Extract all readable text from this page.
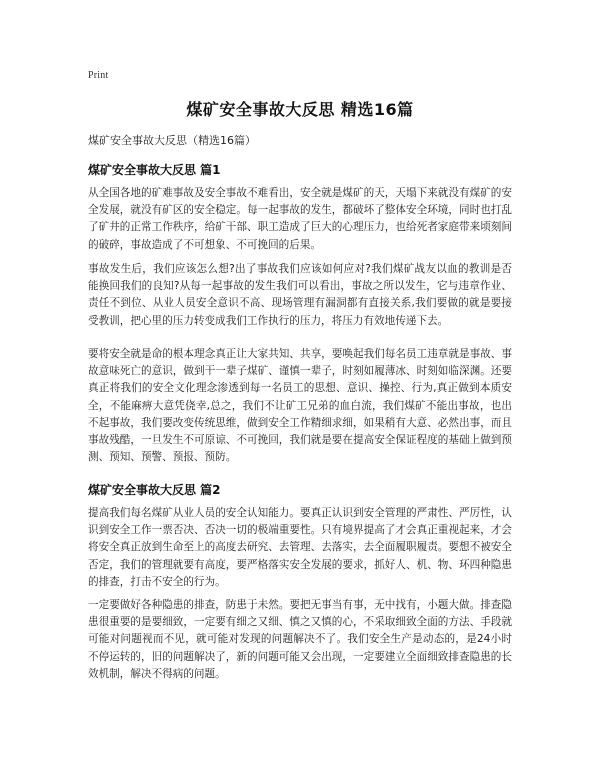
Print
煤矿安全事故大反思 精选16篇
煤矿安全事故大反思（精选16篇）
煤矿安全事故大反思 篇1

从全国各地的矿难事故及安全事故不难看出，安全就是煤矿的天，天塌下来就没有煤矿的安全发展，就没有矿区的安全稳定。每一起事故的发生，都破坏了整体安全环境，同时也打乱了矿井的正常工作秩序，给矿干部、职工造成了巨大的心理压力，也给死者家庭带来顷刻间的破碎，事故造成了不可想象、不可挽回的后果。

事故发生后，我们应该怎么想?出了事故我们应该如何应对?我们煤矿战友以血的教训是否能换回我们的良知?从每一起事故的发生我们可以看出，事故之所以发生，它与违章作业、责任不到位、从业人员安全意识不高、现场管理有漏洞都有直接关系,我们要做的就是要接受教训，把心里的压力转变成我们工作执行的压力，将压力有效地传递下去。

要将安全就是命的根本理念真正让大家共知、共享，要唤起我们每名员工违章就是事故、事故意味死亡的意识，做到干一辈子煤矿、谨慎一辈子，时刻如履薄冰、时刻如临深渊。还要真正将我们的安全文化理念渗透到每一名员工的思想、意识、操控、行为,真正做到本质安全，不能麻痹大意凭侥幸,总之，我们不让矿工兄弟的血白流，我们煤矿不能出事故，也出不起事故，我们要改变传统思维，做到安全工作精细求细，如果稍有大意、必然出事，而且事故残酷，一旦发生不可原谅、不可挽回，我们就是要在提高安全保证程度的基础上做到预测、预知、预警、预报、预防。

煤矿安全事故大反思 篇2

提高我们每名煤矿从业人员的安全认知能力。要真正认识到安全管理的严肃性、严厉性，认识到安全工作一票否决、否决一切的极端重要性。只有境界提高了才会真正重视起来，才会将安全真正放到生命至上的高度去研究、去管理、去落实，去全面履职履责。要想不被安全否定，我们的管理就要有高度，要严格落实安全发展的要求，抓好人、机、物、环四种隐患的排查，打击不安全的行为。

一定要做好各种隐患的排查，防患于未然。要把无事当有事，无中找有，小题大做。排查隐患很重要的是要细致，一定要有细之又细、慎之又慎的心，不采取细致全面的方法、手段就可能对问题视而不见，就可能对发现的问题解决不了。我们安全生产是动态的，是24小时不停运转的，旧的问题解决了，新的问题可能又会出现，一定要建立全面细致排查隐患的长效机制，解决不得病的问题。
